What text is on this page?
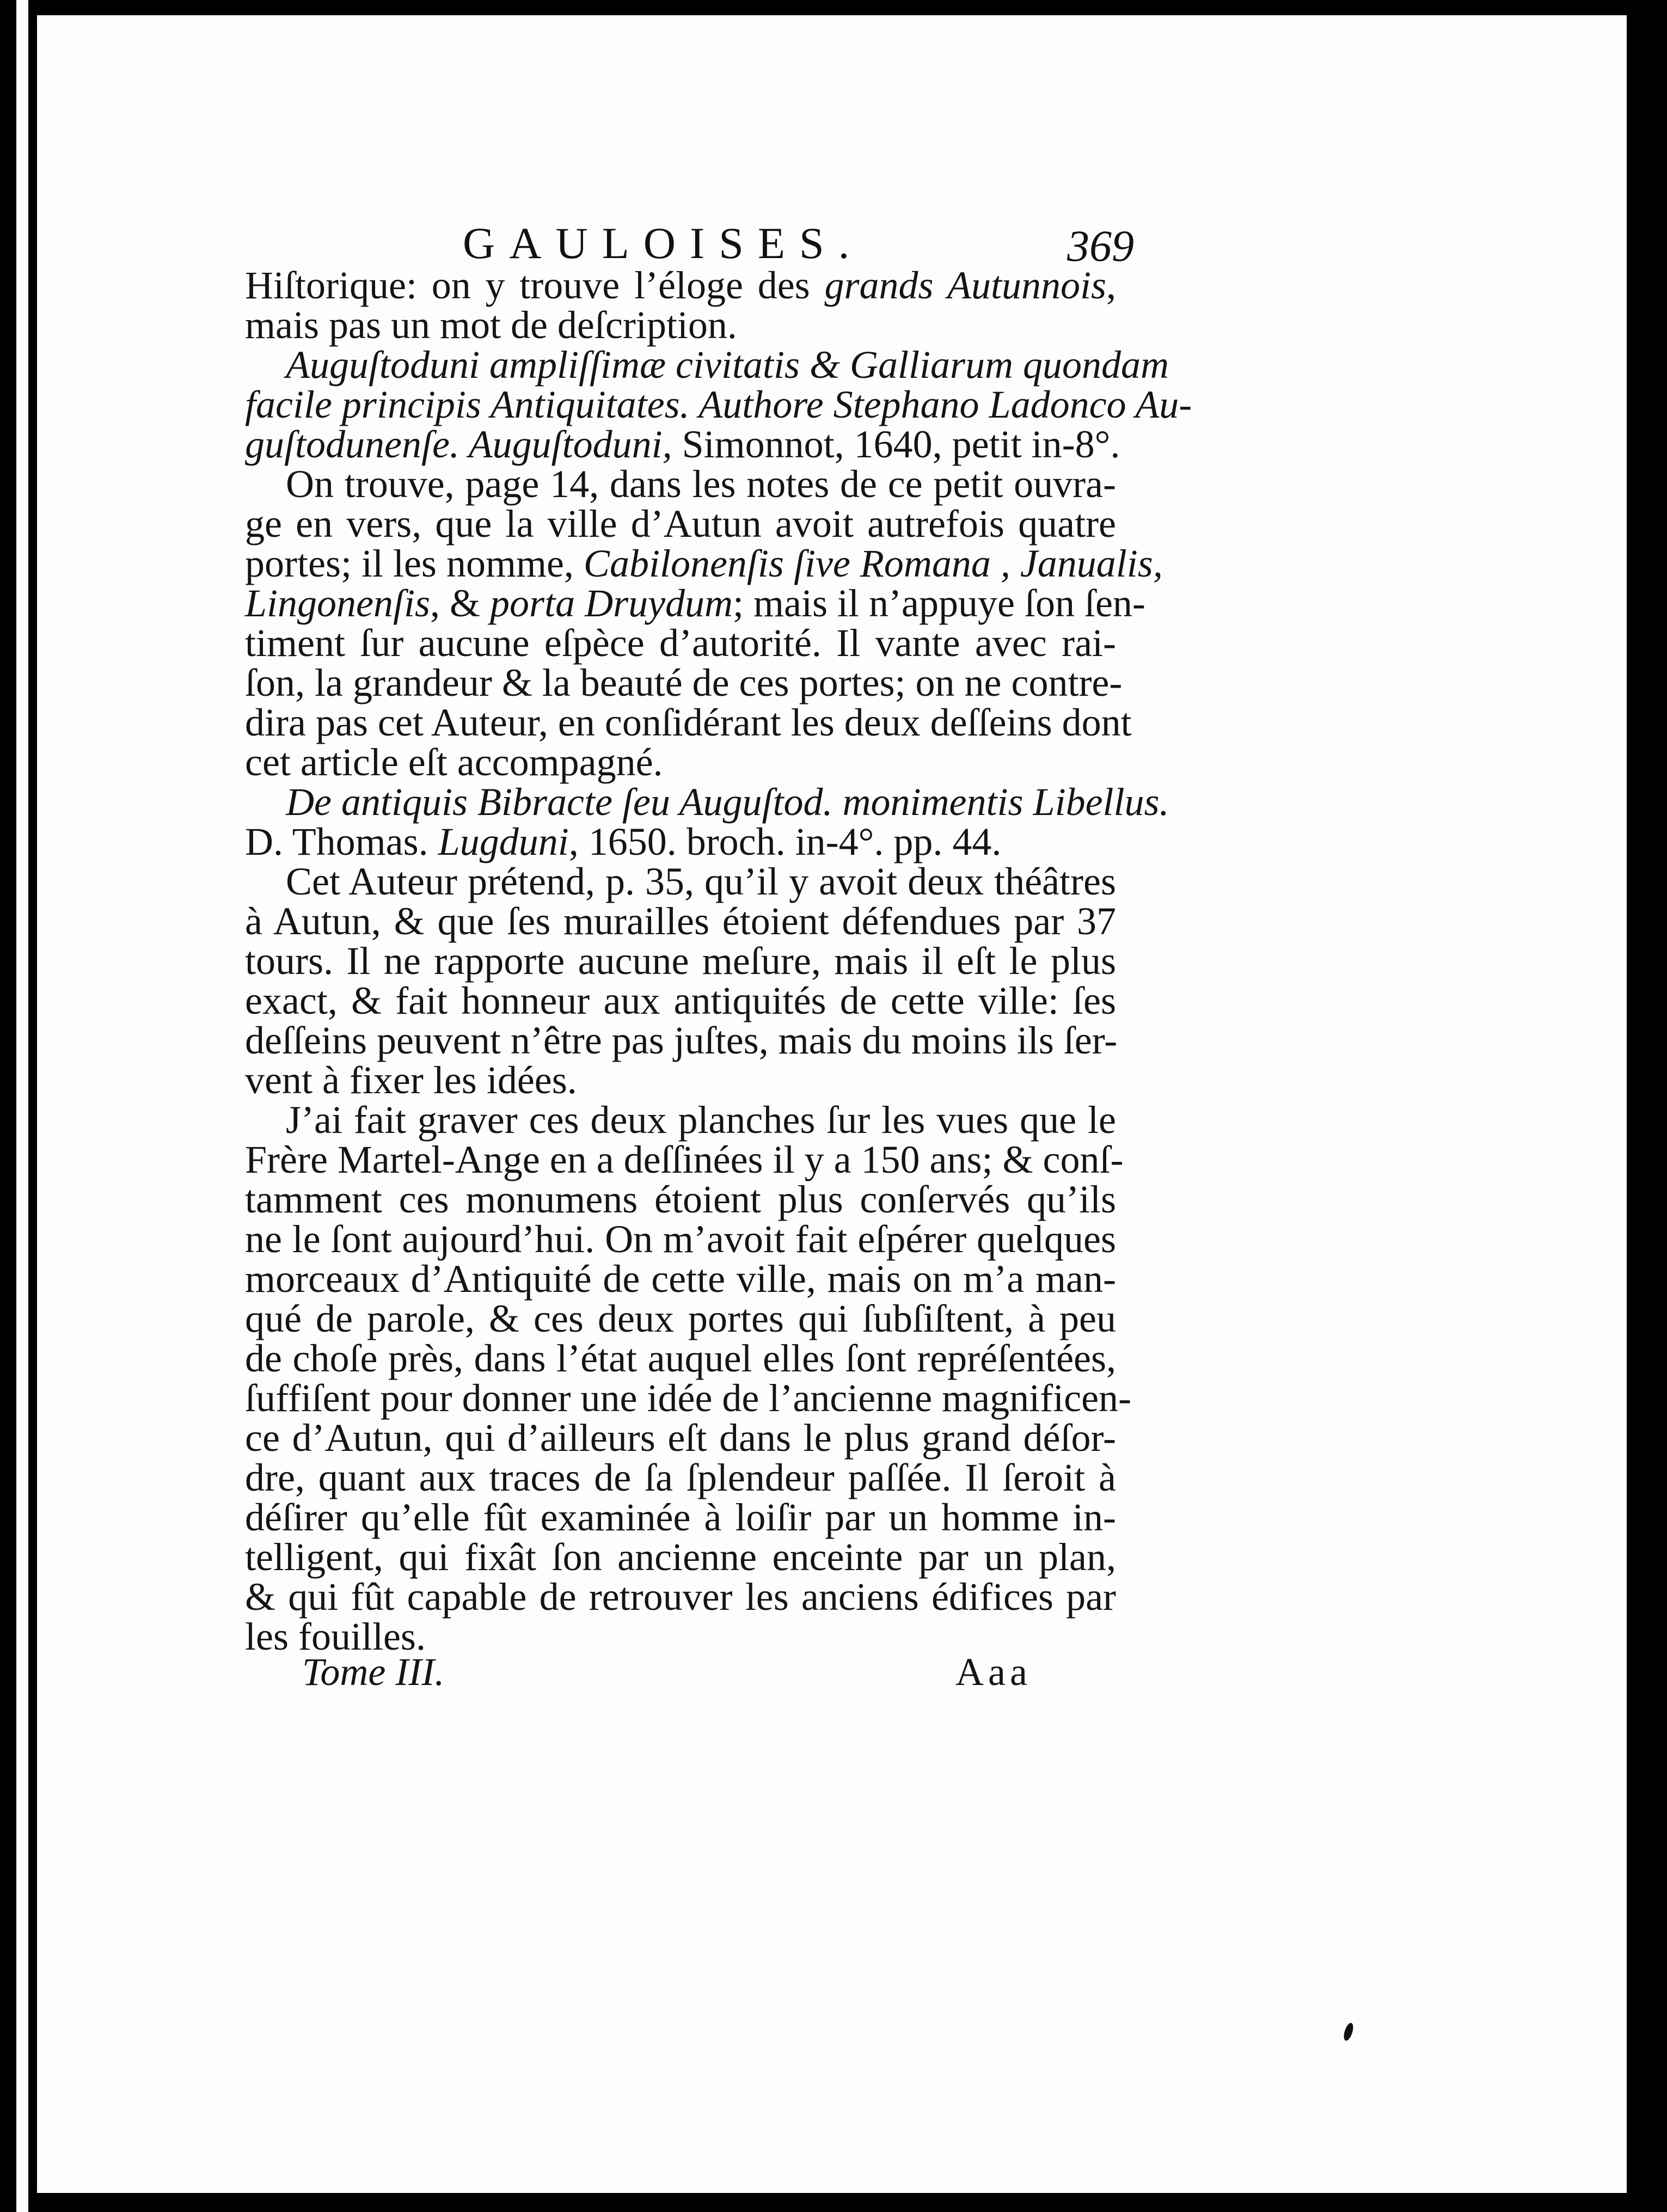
GAULOISES.	369
Hiſtorique: on y trouve l’éloge des grands Autunnois,
mais pas un mot de deſcription.
Auguſtoduni ampliſſimæ civitatis & Galliarum quondam
facile principis Antiquitates. Authore Stephano Ladonco Au-
guſtodunenſe. Auguſtoduni, Simonnot, 1640, petit in-8°.
On trouve, page 14, dans les notes de ce petit ouvra-
ge en vers, que la ville d’Autun avoit autrefois quatre
portes; il les nomme, Cabilonenſis ſive Romana , Janualis,
Lingonenſis, & porta Druydum; mais il n’appuye ſon ſen-
timent ſur aucune eſpèce d’autorité. Il vante avec rai-
ſon, la grandeur & la beauté de ces portes; on ne contre-
dira pas cet Auteur, en conſidérant les deux deſſeins dont
cet article eſt accompagné.
De antiquis Bibracte ſeu Auguſtod. monimentis Libellus.
D. Thomas. Lugduni, 1650. broch. in-4°. pp. 44.
Cet Auteur prétend, p. 35, qu’il y avoit deux théâtres
à Autun, & que ſes murailles étoient défendues par 37
tours. Il ne rapporte aucune meſure, mais il eſt le plus
exact, & fait honneur aux antiquités de cette ville: ſes
deſſeins peuvent n’être pas juſtes, mais du moins ils ſer-
vent à fixer les idées.
J’ai fait graver ces deux planches ſur les vues que le
Frère Martel-Ange en a deſſinées il y a 150 ans; & conſ-
tamment ces monumens étoient plus conſervés qu’ils
ne le ſont aujourd’hui. On m’avoit fait eſpérer quelques
morceaux d’Antiquité de cette ville, mais on m’a man-
qué de parole, & ces deux portes qui ſubſiſtent, à peu
de choſe près, dans l’état auquel elles ſont repréſentées,
ſuffiſent pour donner une idée de l’ancienne magnificen-
ce d’Autun, qui d’ailleurs eſt dans le plus grand déſor-
dre, quant aux traces de ſa ſplendeur paſſée. Il ſeroit à
déſirer qu’elle fût examinée à loiſir par un homme in-
telligent, qui fixât ſon ancienne enceinte par un plan,
& qui fût capable de retrouver les anciens édifices par
les fouilles.
Tome III.	Aaa
